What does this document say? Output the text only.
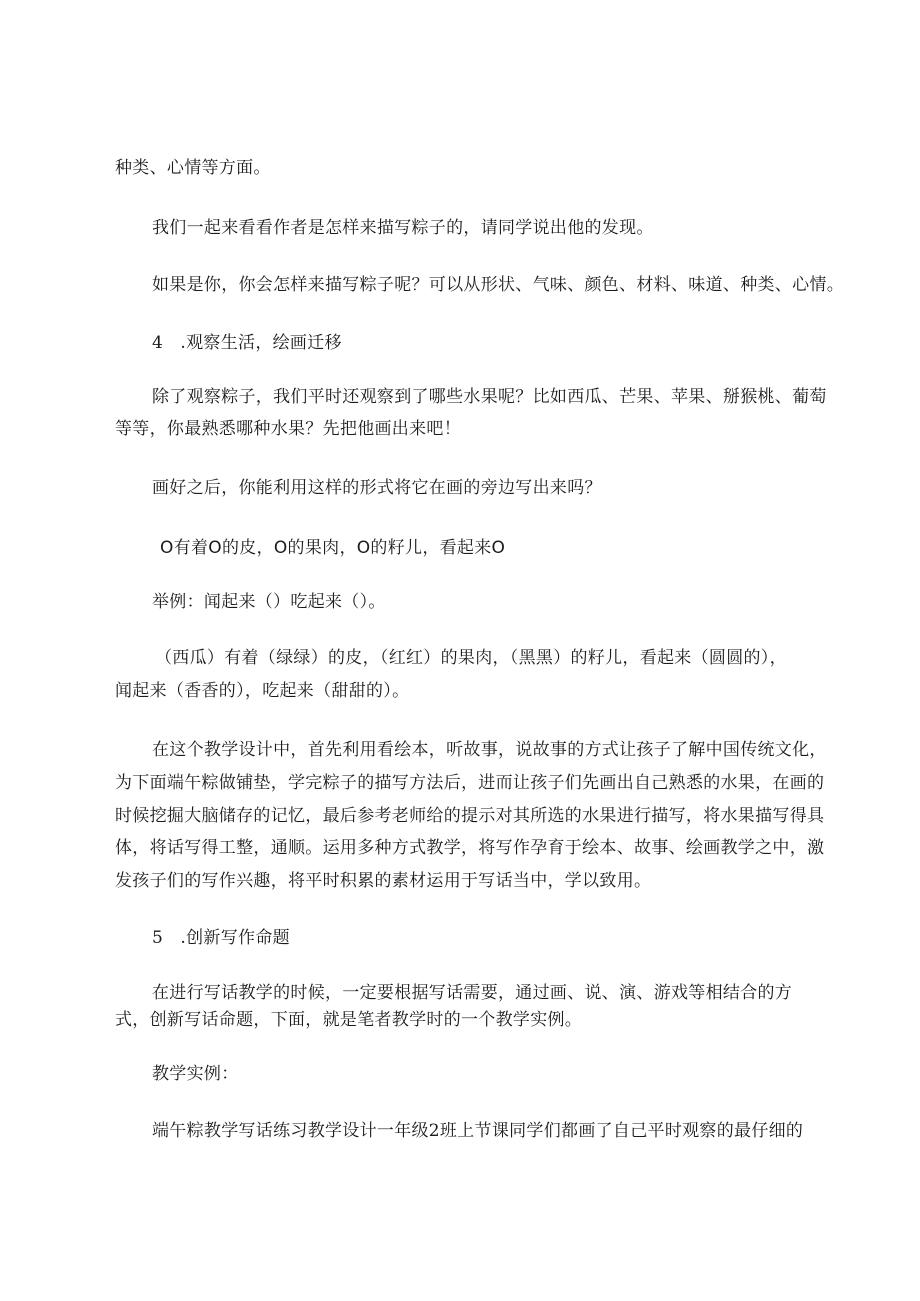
种类、心情等方面。
我们一起来看看作者是怎样来描写粽子的，请同学说出他的发现。
如果是你，你会怎样来描写粽子呢？可以从形状、气味、颜色、材料、味道、种类、心情。
4　.观察生活，绘画迁移
除了观察粽子，我们平时还观察到了哪些水果呢？比如西瓜、芒果、苹果、掰猴桃、葡萄
等等，你最熟悉哪种水果？先把他画出来吧！
画好之后，你能利用这样的形式将它在画的旁边写出来吗？
O有着O的皮，O的果肉，O的籽儿，看起来O
举例：闻起来（）吃起来（）。
（西瓜）有着（绿绿）的皮，（红红）的果肉，（黑黑）的籽儿，看起来（圆圆的），
闻起来（香香的），吃起来（甜甜的）。
在这个教学设计中，首先利用看绘本，听故事，说故事的方式让孩子了解中国传统文化，
为下面端午粽做铺垫，学完粽子的描写方法后，进而让孩子们先画出自己熟悉的水果，在画的
时候挖掘大脑储存的记忆，最后参考老师给的提示对其所选的水果进行描写，将水果描写得具
体，将话写得工整，通顺。运用多种方式教学，将写作孕育于绘本、故事、绘画教学之中，激
发孩子们的写作兴趣，将平时积累的素材运用于写话当中，学以致用。
5　.创新写作命题
在进行写话教学的时候，一定要根据写话需要，通过画、说、演、游戏等相结合的方
式，创新写话命题，下面，就是笔者教学时的一个教学实例。
教学实例：
端午粽教学写话练习教学设计一年级2班上节课同学们都画了自己平时观察的最仔细的
